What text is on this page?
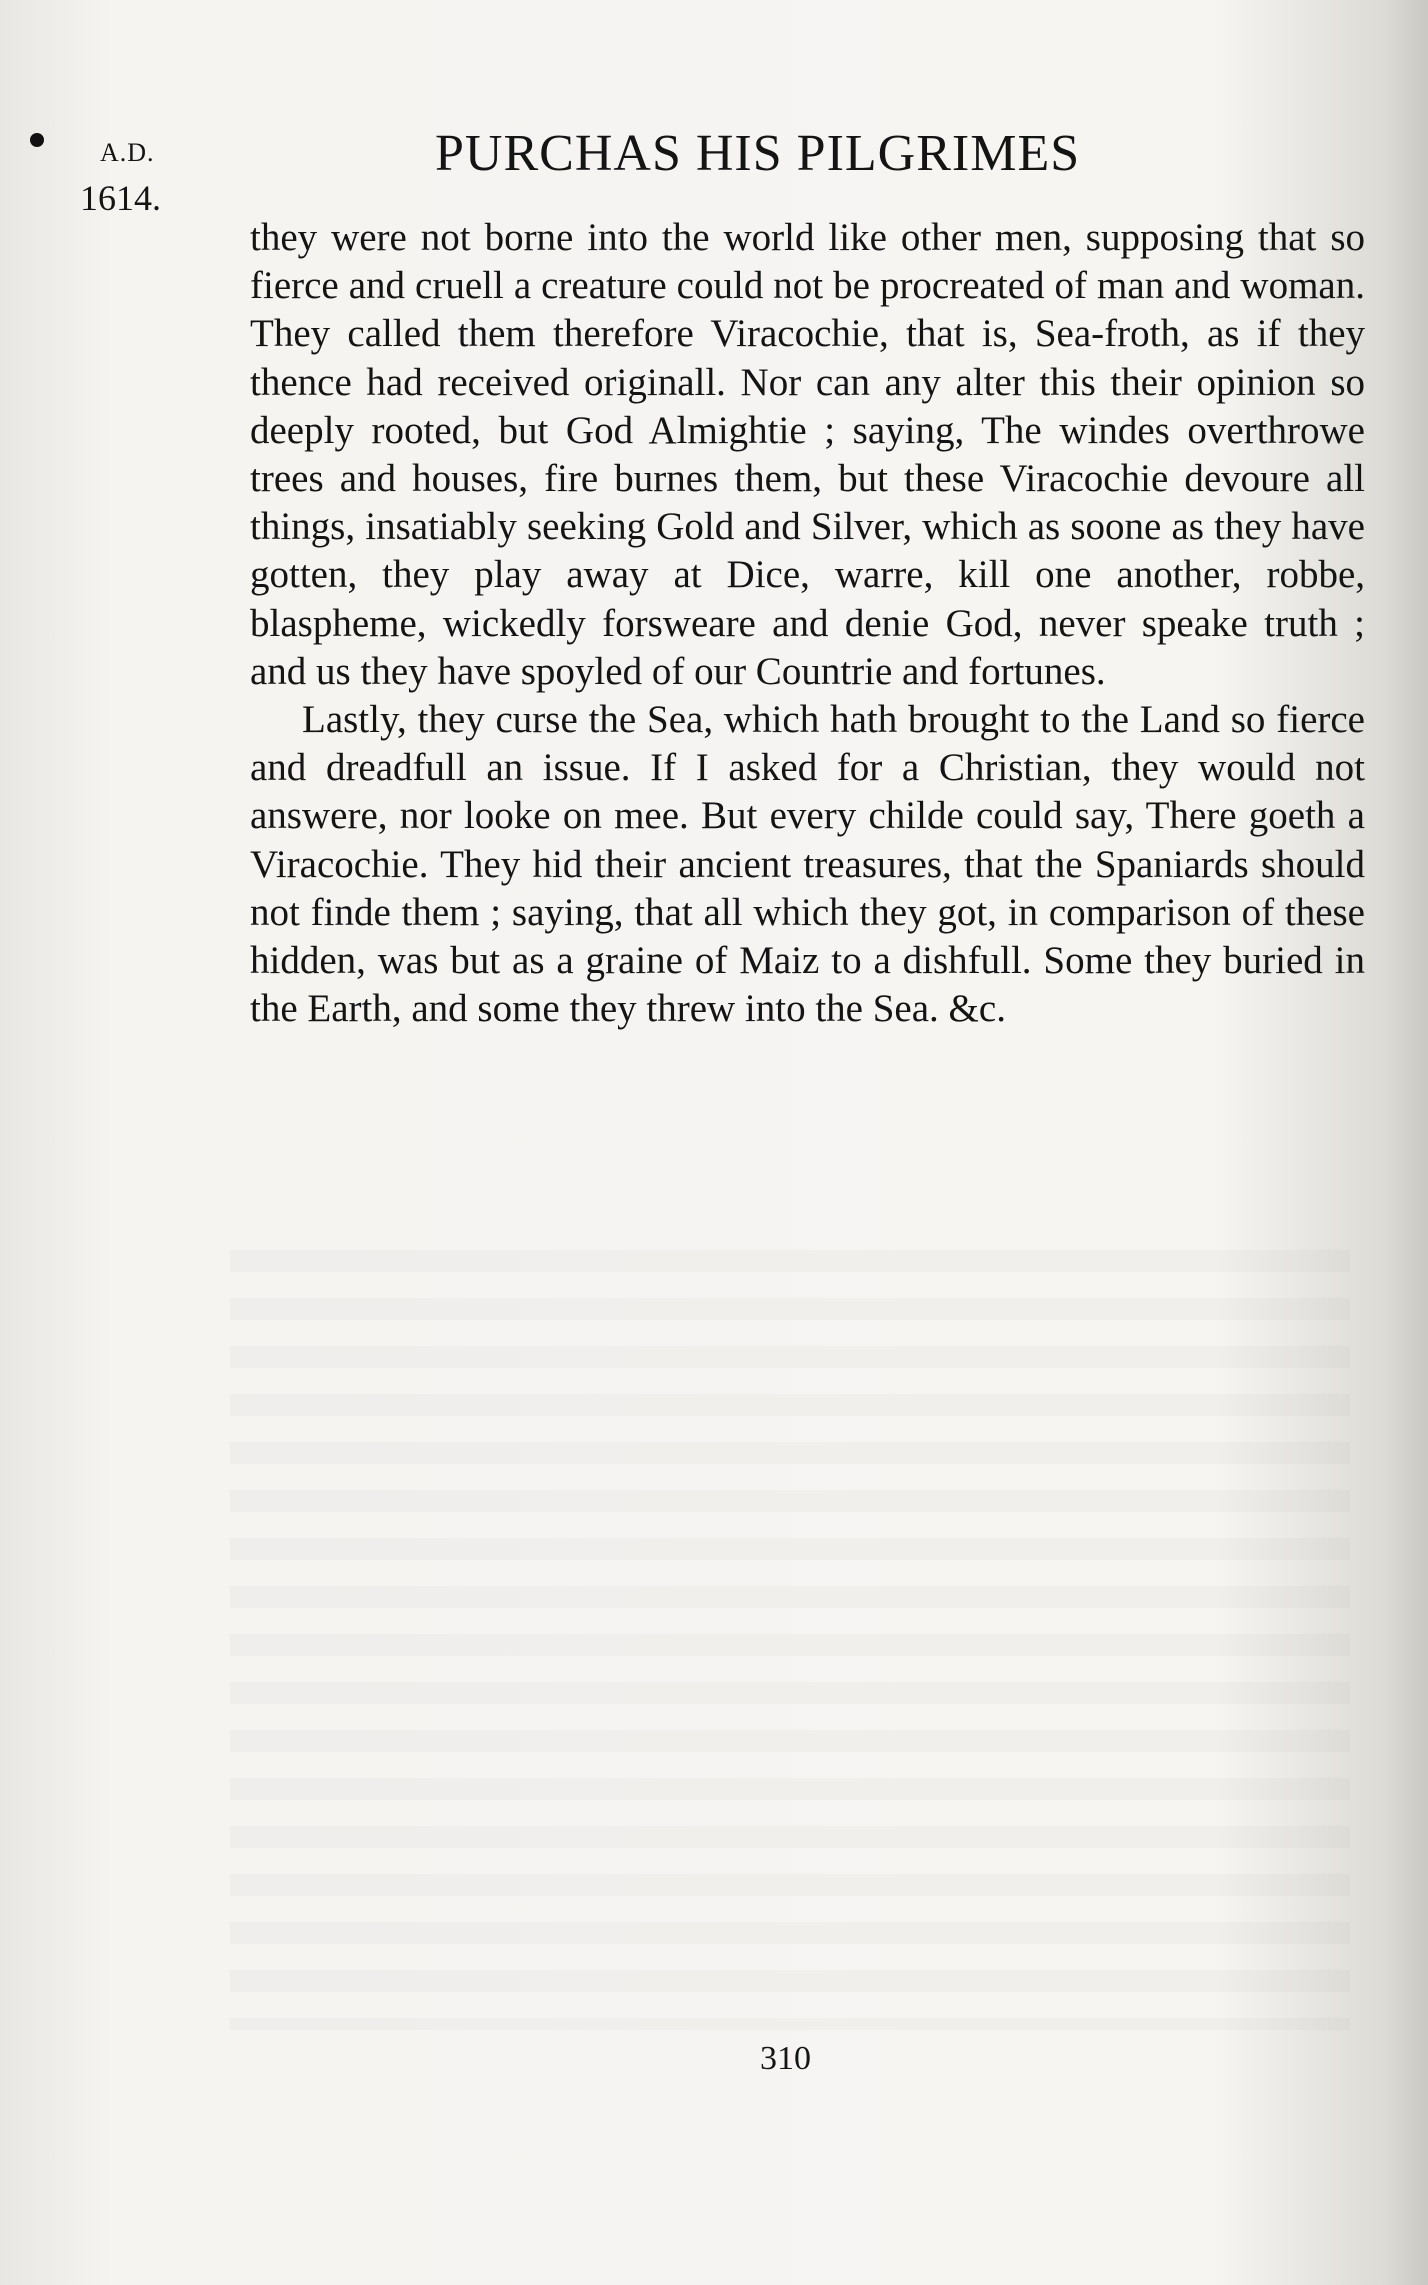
A.D.
1614.
PURCHAS HIS PILGRIMES

they were not borne into the world like other men, supposing that so fierce and cruell a creature could not be procreated of man and woman. They called them therefore Viracochie, that is, Sea-froth, as if they thence had received originall. Nor can any alter this their opinion so deeply rooted, but God Almightie ; saying, The windes overthrowe trees and houses, fire burnes them, but these Viracochie devoure all things, insatiably seeking Gold and Silver, which as soone as they have gotten, they play away at Dice, warre, kill one another, robbe, blaspheme, wickedly forsweare and denie God, never speake truth ; and us they have spoyled of our Countrie and fortunes.

Lastly, they curse the Sea, which hath brought to the Land so fierce and dreadfull an issue. If I asked for a Christian, they would not answere, nor looke on mee. But every childe could say, There goeth a Viracochie. They hid their ancient treasures, that the Spaniards should not finde them ; saying, that all which they got, in comparison of these hidden, was but as a graine of Maiz to a dishfull. Some they buried in the Earth, and some they threw into the Sea. &c.

310
